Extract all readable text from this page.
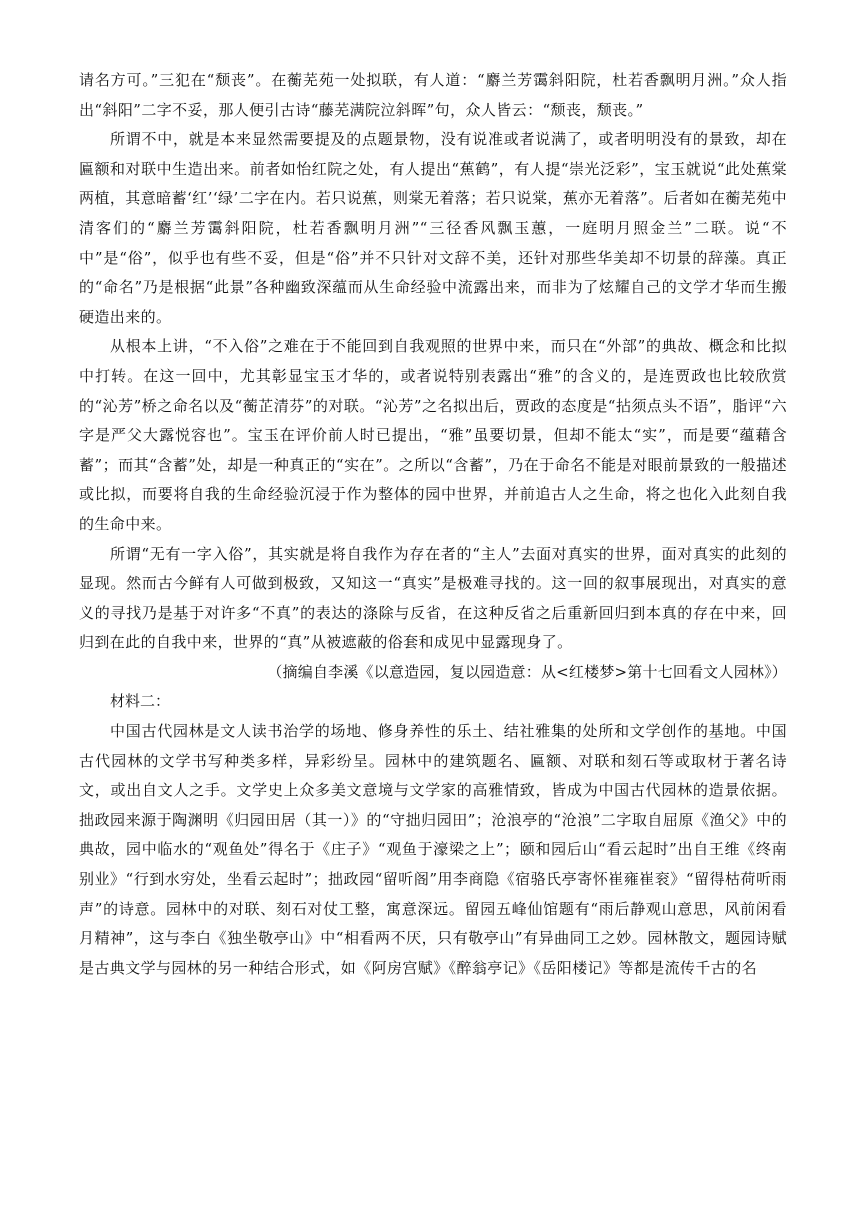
请名方可。”三犯在“颓丧”。在蘅芜苑一处拟联，有人道：“麝兰芳霭斜阳院，杜若香飘明月洲。”众人指出“斜阳”二字不妥，那人便引古诗“藤芜满院泣斜晖”句，众人皆云：“颓丧，颓丧。”

所谓不中，就是本来显然需要提及的点题景物，没有说准或者说满了，或者明明没有的景致，却在匾额和对联中生造出来。前者如怡红院之处，有人提出“蕉鹤”，有人提“崇光泛彩”，宝玉就说“此处蕉棠两植，其意暗蓄‘红’‘绿’二字在内。若只说蕉，则棠无着落；若只说棠，蕉亦无着落”。后者如在蘅芜苑中清客们的“麝兰芳霭斜阳院，杜若香飘明月洲”“三径香风飘玉蕙，一庭明月照金兰”二联。说“不中”是“俗”，似乎也有些不妥，但是“俗”并不只针对文辞不美，还针对那些华美却不切景的辞藻。真正的“命名”乃是根据“此景”各种幽致深蕴而从生命经验中流露出来，而非为了炫耀自己的文学才华而生搬硬造出来的。

从根本上讲，“不入俗”之难在于不能回到自我观照的世界中来，而只在“外部”的典故、概念和比拟中打转。在这一回中，尤其彰显宝玉才华的，或者说特别表露出“雅”的含义的，是连贾政也比较欣赏的“沁芳”桥之命名以及“蘅芷清芬”的对联。“沁芳”之名拟出后，贾政的态度是“拈须点头不语”，脂评“六字是严父大露悦容也”。宝玉在评价前人时已提出，“雅”虽要切景，但却不能太“实”，而是要“蕴藉含蓄”；而其“含蓄”处，却是一种真正的“实在”。之所以“含蓄”，乃在于命名不能是对眼前景致的一般描述或比拟，而要将自我的生命经验沉浸于作为整体的园中世界，并前追古人之生命，将之也化入此刻自我的生命中来。

所谓“无有一字入俗”，其实就是将自我作为存在者的“主人”去面对真实的世界，面对真实的此刻的显现。然而古今鲜有人可做到极致，又知这一“真实”是极难寻找的。这一回的叙事展现出，对真实的意义的寻找乃是基于对许多“不真”的表达的涤除与反省，在这种反省之后重新回归到本真的存在中来，回归到在此的自我中来，世界的“真”从被遮蔽的俗套和成见中显露现身了。

（摘编自李溪《以意造园，复以园造意：从<红楼梦>第十七回看文人园林》）

材料二：

中国古代园林是文人读书治学的场地、修身养性的乐土、结社雅集的处所和文学创作的基地。中国古代园林的文学书写种类多样，异彩纷呈。园林中的建筑题名、匾额、对联和刻石等或取材于著名诗文，或出自文人之手。文学史上众多美文意境与文学家的高雅情致，皆成为中国古代园林的造景依据。拙政园来源于陶渊明《归园田居（其一）》的“守拙归园田”；沧浪亭的“沧浪”二字取自屈原《渔父》中的典故，园中临水的“观鱼处”得名于《庄子》“观鱼于濠梁之上”；颐和园后山“看云起时”出自王维《终南别业》“行到水穷处，坐看云起时”；拙政园“留听阁”用李商隐《宿骆氏亭寄怀崔雍崔衮》“留得枯荷听雨声”的诗意。园林中的对联、刻石对仗工整，寓意深远。留园五峰仙馆题有“雨后静观山意思，风前闲看月精神”，这与李白《独坐敬亭山》中“相看两不厌，只有敬亭山”有异曲同工之妙。园林散文，题园诗赋是古典文学与园林的另一种结合形式，如《阿房宫赋》《醉翁亭记》《岳阳楼记》等都是流传千古的名
